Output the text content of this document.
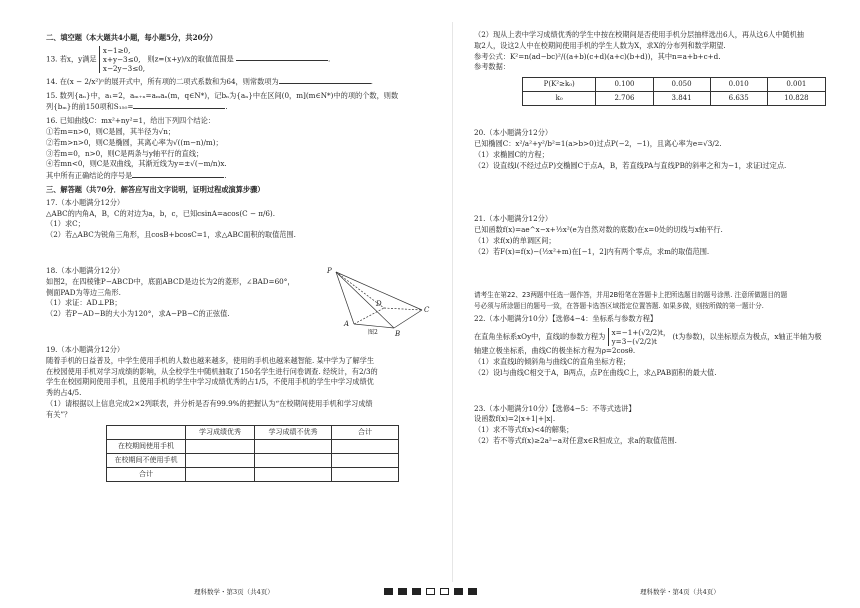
二、填空题（本大题共4小题，每小题5分，共20分）
13. 若x，y满足 x−1≥0,
x+y−3≤0,
x−2y−3≤0, 则z=(x+y)/x的取值范围是	.
14. 在(x − 2/x²)ⁿ的展开式中，所有项的二项式系数和为64，则常数项为	.

15. 数列{aₙ}中，a₁=2，aₘ₊ₙ=aₘaₙ(m，q∈N*)，记bₙ为{aₙ}中在区间(0，m](m∈N*)中的项的个数，则数

列{bₘ}的前150项和S₁₅₀=	.

16. 已知曲线C：mx²+ny²=1，给出下列四个结论：

①若m=n>0，则C是圆，其半径为√n；

②若m>n>0，则C是椭圆，其离心率为√((m−n)/m)；

③若m=0，n>0，则C是两条与y轴平行的直线；

④若mn<0，则C是双曲线，其渐近线为y=±√(−m/n)x.

其中所有正确结论的序号是	.

三、解答题（共70分．解答应写出文字说明，证明过程或演算步骤）

17.（本小题满分12分）

△ABC的内角A，B，C的对边为a，b，c，已知csinA=acos(C − π/6).

（1）求C；

（2）若△ABC为锐角三角形，且cosB+bcosC=1，求△ABC面积的取值范围.

18.（本小题满分12分）

如图2，在四棱锥P−ABCD中，底面ABCD是边长为2的菱形，∠BAD=60°，

侧面PAD为等边三角形.

（1）求证：AD⊥PB；

（2）若P−AD−B的大小为120°，求A−PB−C的正弦值.

P
A
B
C
D
图2

19.（本小题满分12分）

随着手机的日益普及，中学生使用手机的人数也越来越多，使用的手机也越来越智能. 某中学为了解学生

在校园使用手机对学习成绩的影响，从全校学生中随机抽取了150名学生进行问卷调查. 经统计，有2/3的

学生在校园期间使用手机，且使用手机的学生中学习成绩优秀的占1/5，不使用手机的学生中学习成绩优

秀的占4/5.

（1）请根据以上信息完成2×2列联表，并分析是否有99.9%的把握认为“在校期间使用手机和学习成绩

有关”？

	学习成绩优秀	学习成绩不优秀	合计
在校期间使用手机			
在校期间不使用手机			
合计			

（2）现从上表中学习成绩优秀的学生中按在校期间是否使用手机分层抽样选出6人，再从这6人中随机抽

取2人，设这2人中在校期间使用手机的学生人数为X，求X的分布列和数学期望.

参考公式：K²=n(ad−bc)²/((a+b)(c+d)(a+c)(b+d))，其中n=a+b+c+d.

参考数据：

P(K²≥k₀)	0.100	0.050	0.010	0.001
k₀	2.706	3.841	6.635	10.828

20.（本小题满分12分）

已知椭圆C：x²/a²+y²/b²=1(a>b>0)过点P(−2，−1)，且离心率为e=√3/2.

（1）求椭圆C的方程；

（2）设直线l(不经过点P)交椭圆C于点A，B，若直线PA与直线PB的斜率之和为−1，求证l过定点.

21.（本小题满分12分）

已知函数f(x)=ae^x−x+½x²(e为自然对数的底数)在x=0处的切线与x轴平行.

（1）求f(x)的单调区间；

（2）若F(x)=f(x)−(½x²+m)在[−1，2]内有两个零点，求m的取值范围.

请考生在第22、23两题中任选一题作答，并用2B铅笔在答题卡上把所选题目的题号涂黑. 注意所做题目的题

号必须与所涂题目的题号一致，在答题卡选答区域指定位置答题. 如果多做，则按所做的第一题计分.

22.（本小题满分10分）【选修4−4：坐标系与参数方程】

在直角坐标系xOy中，直线l的参数方程为 x=−1+(√2/2)t，
y=3−(√2/2)t (t为参数)，以坐标原点为极点，x轴正半轴为极

轴建立极坐标系，曲线C的极坐标方程为ρ=2cosθ.

（1）求直线l的倾斜角与曲线C的直角坐标方程；

（2）设l与曲线C相交于A，B两点，点P在曲线C上，求△PAB面积的最大值.

23.（本小题满分10分）【选修4−5：不等式选讲】

设函数f(x)=2|x+1|+|x|.

（1）求不等式f(x)<4的解集；

（2）若不等式f(x)≥2a²−a对任意x∈R恒成立，求a的取值范围.

理科数学・第3页（共4页）	理科数学・第4页（共4页）
